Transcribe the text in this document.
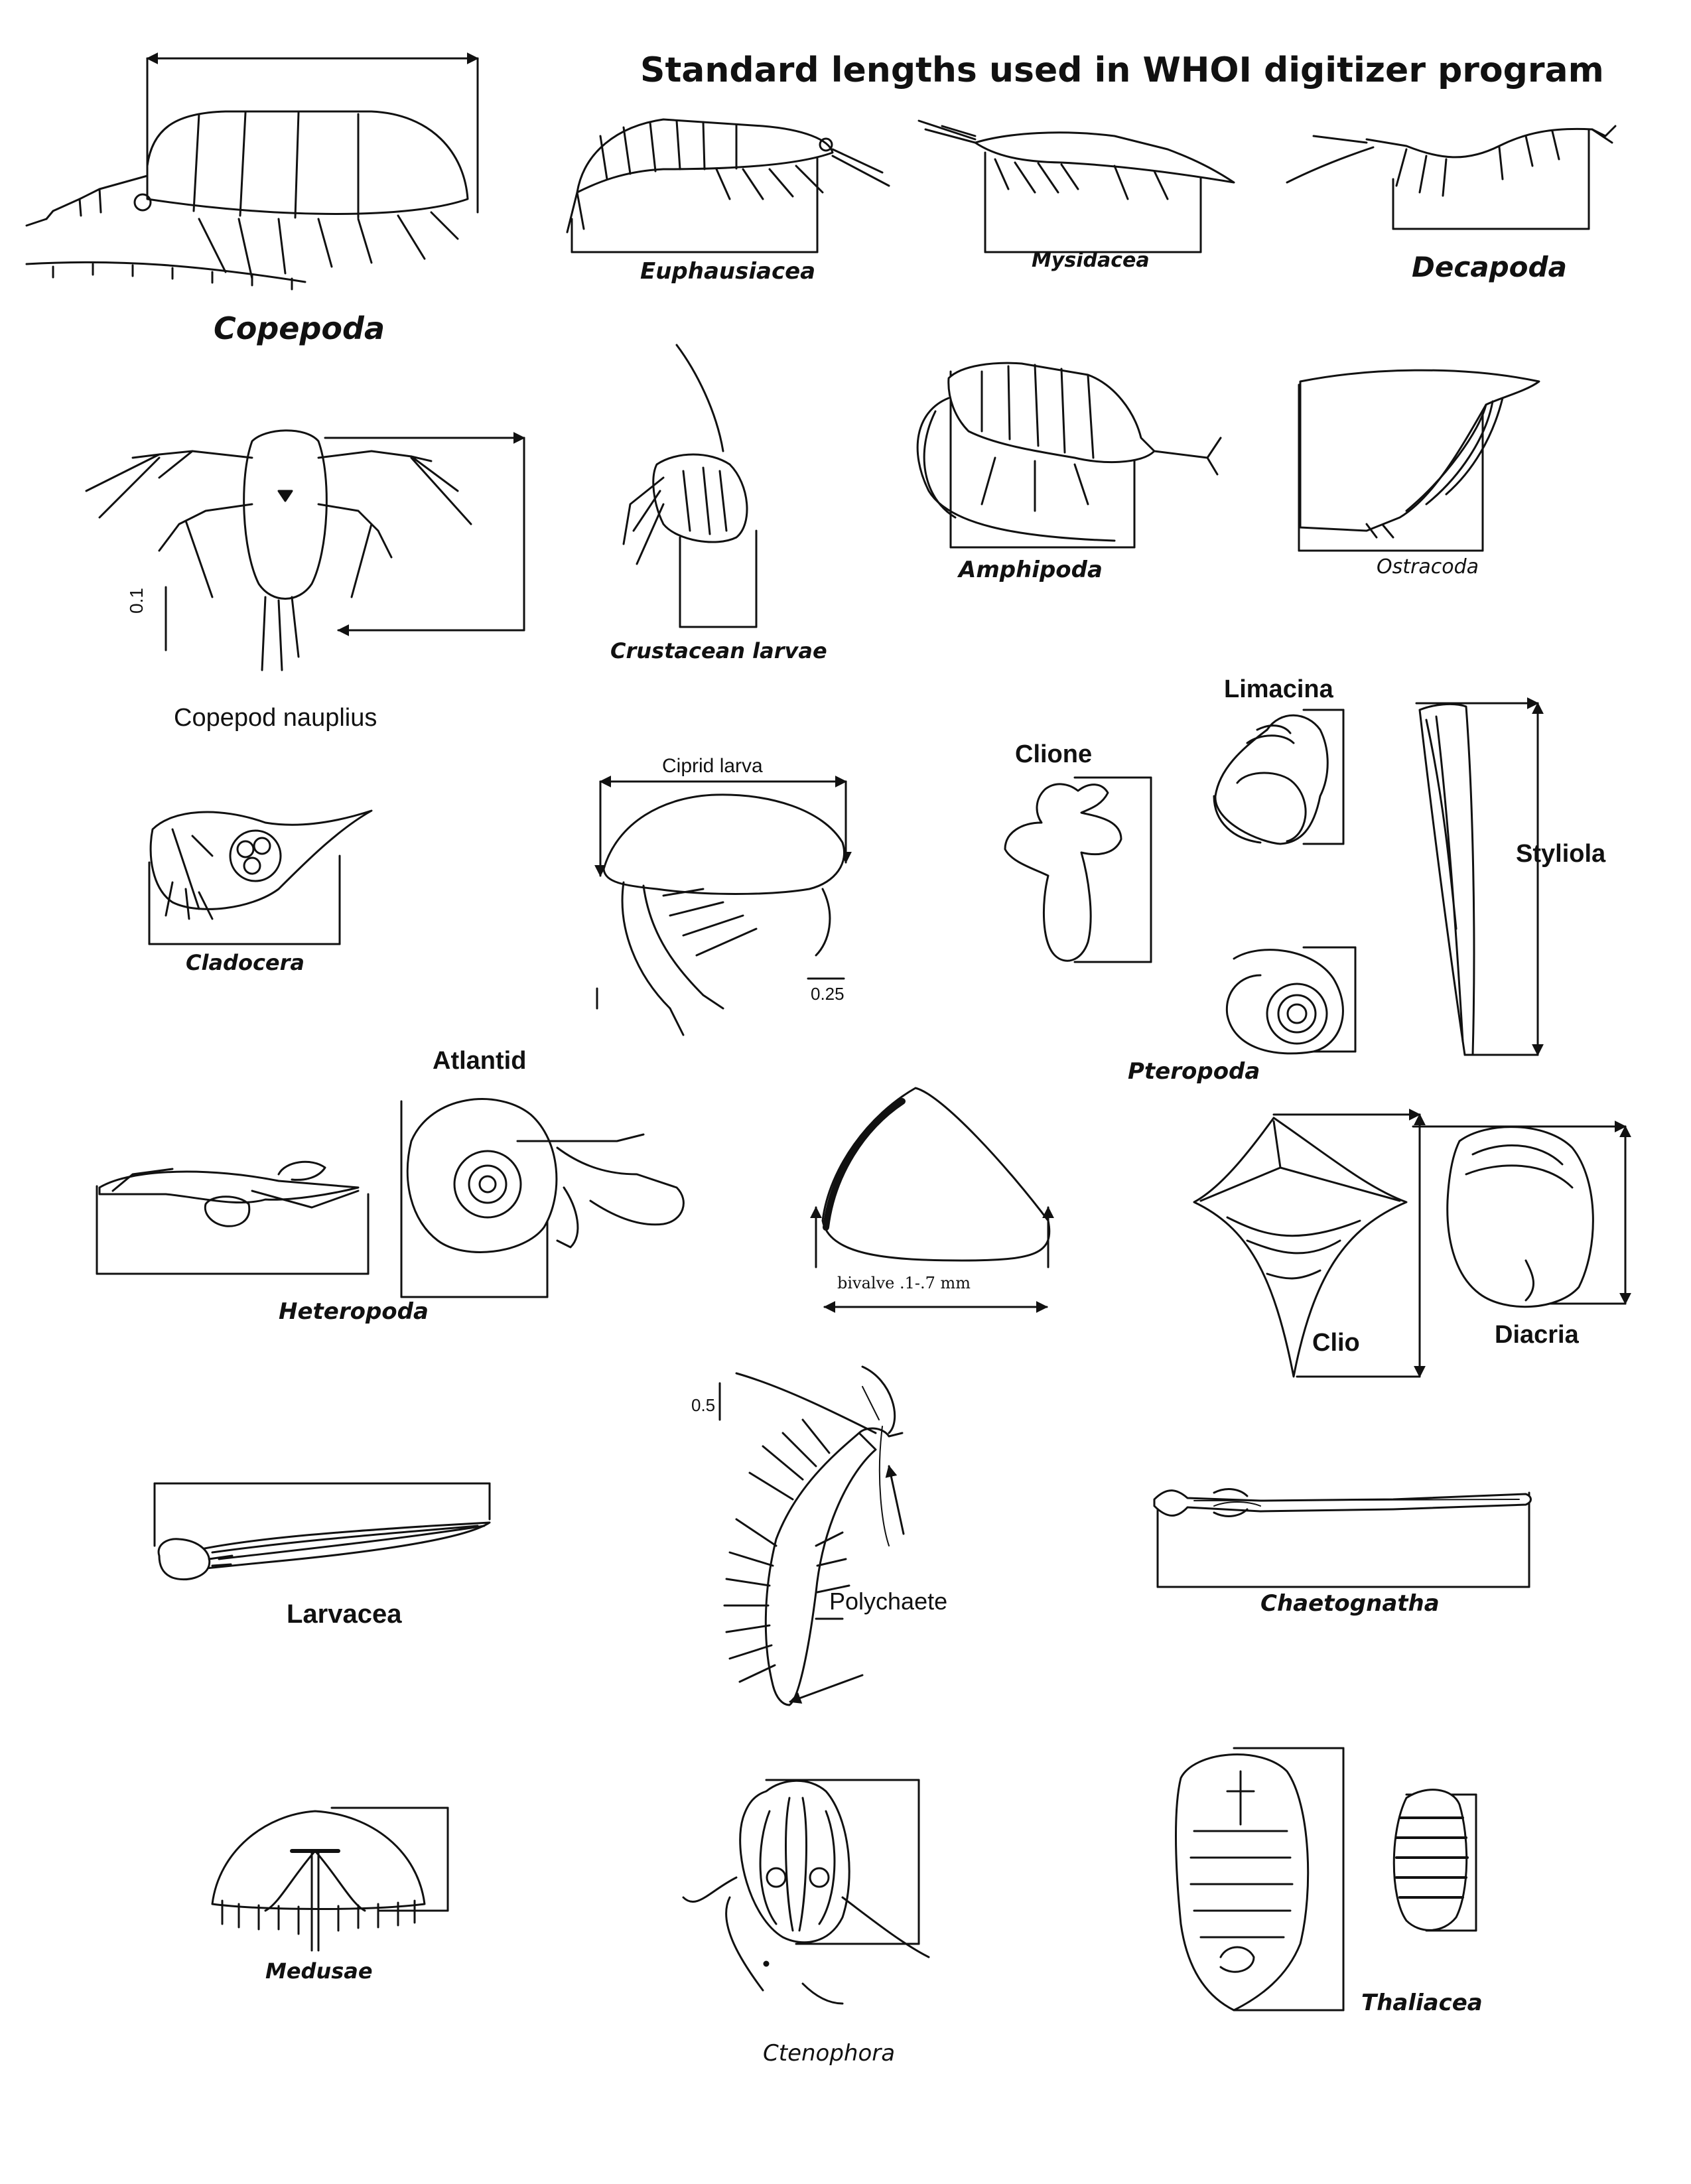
Standard lengths used in WHOI digitizer program
Copepoda
Euphausiacea	Mysidacea	Decapoda
Copepod nauplius
0.1
Crustacean larvae
Amphipoda	Ostracoda
Cladocera
Ciprid larva
0.25
Clione
Limacina
Styliola
Pteropoda
Atlantid
Heteropoda
bivalve .1-.7 mm
Clio	Diacria
0.5
Larvacea	Polychaete	Chaetognatha
Medusae
Ctenophora
Thaliacea
